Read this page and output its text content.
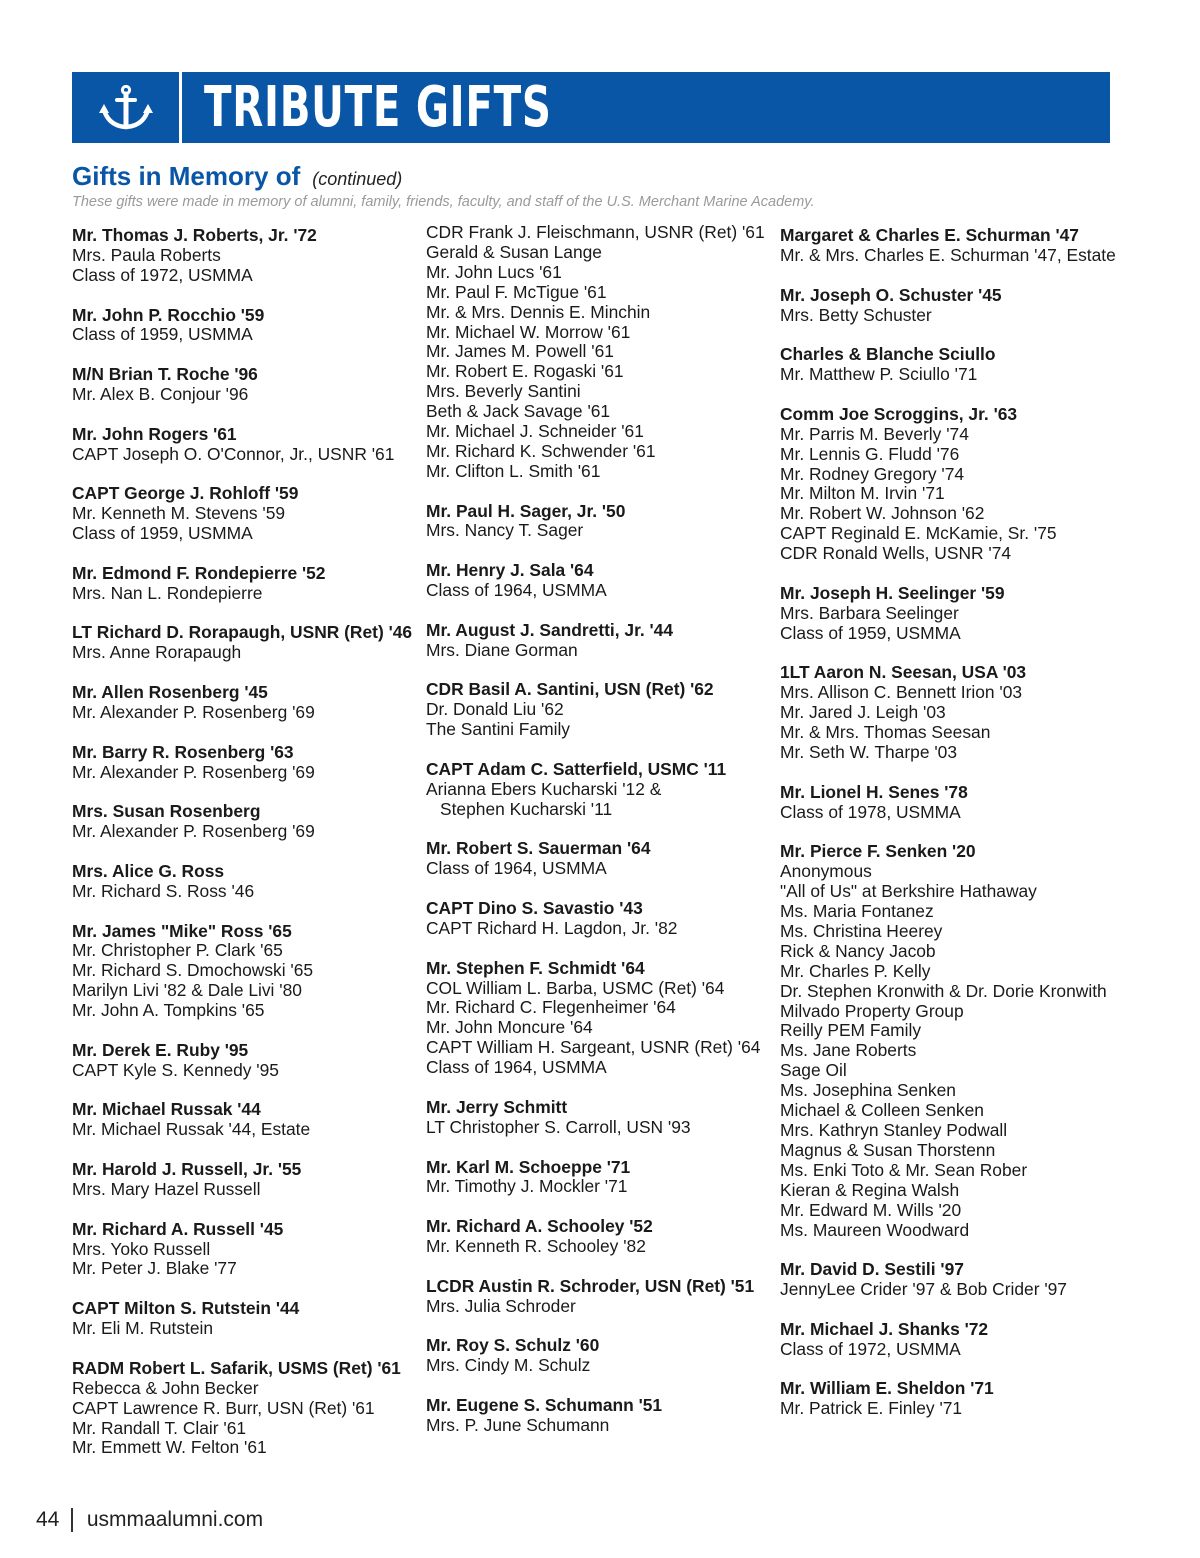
TRIBUTE GIFTS
Gifts in Memory of (continued)
These gifts were made in memory of alumni, family, friends, faculty, and staff of the U.S. Merchant Marine Academy.
Mr. Thomas J. Roberts, Jr. '72
Mrs. Paula Roberts
Class of 1972, USMMA
Mr. John P. Rocchio '59
Class of 1959, USMMA
M/N Brian T. Roche '96
Mr. Alex B. Conjour '96
Mr. John Rogers '61
CAPT Joseph O. O'Connor, Jr., USNR '61
CAPT George J. Rohloff '59
Mr. Kenneth M. Stevens '59
Class of 1959, USMMA
Mr. Edmond F. Rondepierre '52
Mrs. Nan L. Rondepierre
LT Richard D. Rorapaugh, USNR (Ret) '46
Mrs. Anne Rorapaugh
Mr. Allen Rosenberg '45
Mr. Alexander P. Rosenberg '69
Mr. Barry R. Rosenberg '63
Mr. Alexander P. Rosenberg '69
Mrs. Susan Rosenberg
Mr. Alexander P. Rosenberg '69
Mrs. Alice G. Ross
Mr. Richard S. Ross '46
Mr. James "Mike" Ross '65
Mr. Christopher P. Clark '65
Mr. Richard S. Dmochowski '65
Marilyn Livi '82 & Dale Livi '80
Mr. John A. Tompkins '65
Mr. Derek E. Ruby '95
CAPT Kyle S. Kennedy '95
Mr. Michael Russak '44
Mr. Michael Russak '44, Estate
Mr. Harold J. Russell, Jr. '55
Mrs. Mary Hazel Russell
Mr. Richard A. Russell '45
Mrs. Yoko Russell
Mr. Peter J. Blake '77
CAPT Milton S. Rutstein '44
Mr. Eli M. Rutstein
RADM Robert L. Safarik, USMS (Ret) '61
Rebecca & John Becker
CAPT Lawrence R. Burr, USN (Ret) '61
Mr. Randall T. Clair '61
Mr. Emmett W. Felton '61
CDR Frank J. Fleischmann, USNR (Ret) '61
Gerald & Susan Lange
Mr. John Lucs '61
Mr. Paul F. McTigue '61
Mr. & Mrs. Dennis E. Minchin
Mr. Michael W. Morrow '61
Mr. James M. Powell '61
Mr. Robert E. Rogaski '61
Mrs. Beverly Santini
Beth & Jack Savage '61
Mr. Michael J. Schneider '61
Mr. Richard K. Schwender '61
Mr. Clifton L. Smith '61
Mr. Paul H. Sager, Jr. '50
Mrs. Nancy T. Sager
Mr. Henry J. Sala '64
Class of 1964, USMMA
Mr. August J. Sandretti, Jr. '44
Mrs. Diane Gorman
CDR Basil A. Santini, USN (Ret) '62
Dr. Donald Liu '62
The Santini Family
CAPT Adam C. Satterfield, USMC '11
Arianna Ebers Kucharski '12 &
Stephen Kucharski '11
Mr. Robert S. Sauerman '64
Class of 1964, USMMA
CAPT Dino S. Savastio '43
CAPT Richard H. Lagdon, Jr. '82
Mr. Stephen F. Schmidt '64
COL William L. Barba, USMC (Ret) '64
Mr. Richard C. Flegenheimer '64
Mr. John Moncure '64
CAPT William H. Sargeant, USNR (Ret) '64
Class of 1964, USMMA
Mr. Jerry Schmitt
LT Christopher S. Carroll, USN '93
Mr. Karl M. Schoeppe '71
Mr. Timothy J. Mockler '71
Mr. Richard A. Schooley '52
Mr. Kenneth R. Schooley '82
LCDR Austin R. Schroder, USN (Ret) '51
Mrs. Julia Schroder
Mr. Roy S. Schulz '60
Mrs. Cindy M. Schulz
Mr. Eugene S. Schumann '51
Mrs. P. June Schumann
Margaret & Charles E. Schurman '47
Mr. & Mrs. Charles E. Schurman '47, Estate
Mr. Joseph O. Schuster '45
Mrs. Betty Schuster
Charles & Blanche Sciullo
Mr. Matthew P. Sciullo '71
Comm Joe Scroggins, Jr. '63
Mr. Parris M. Beverly '74
Mr. Lennis G. Fludd '76
Mr. Rodney Gregory '74
Mr. Milton M. Irvin '71
Mr. Robert W. Johnson '62
CAPT Reginald E. McKamie, Sr. '75
CDR Ronald Wells, USNR '74
Mr. Joseph H. Seelinger '59
Mrs. Barbara Seelinger
Class of 1959, USMMA
1LT Aaron N. Seesan, USA '03
Mrs. Allison C. Bennett Irion '03
Mr. Jared J. Leigh '03
Mr. & Mrs. Thomas Seesan
Mr. Seth W. Tharpe '03
Mr. Lionel H. Senes '78
Class of 1978, USMMA
Mr. Pierce F. Senken '20
Anonymous
"All of Us" at Berkshire Hathaway
Ms. Maria Fontanez
Ms. Christina Heerey
Rick & Nancy Jacob
Mr. Charles P. Kelly
Dr. Stephen Kronwith & Dr. Dorie Kronwith
Milvado Property Group
Reilly PEM Family
Ms. Jane Roberts
Sage Oil
Ms. Josephina Senken
Michael & Colleen Senken
Mrs. Kathryn Stanley Podwall
Magnus & Susan Thorstenn
Ms. Enki Toto & Mr. Sean Rober
Kieran & Regina Walsh
Mr. Edward M. Wills '20
Ms. Maureen Woodward
Mr. David D. Sestili '97
JennyLee Crider '97 & Bob Crider '97
Mr. Michael J. Shanks '72
Class of 1972, USMMA
Mr. William E. Sheldon '71
Mr. Patrick E. Finley '71
44 usmmaalumni.com
